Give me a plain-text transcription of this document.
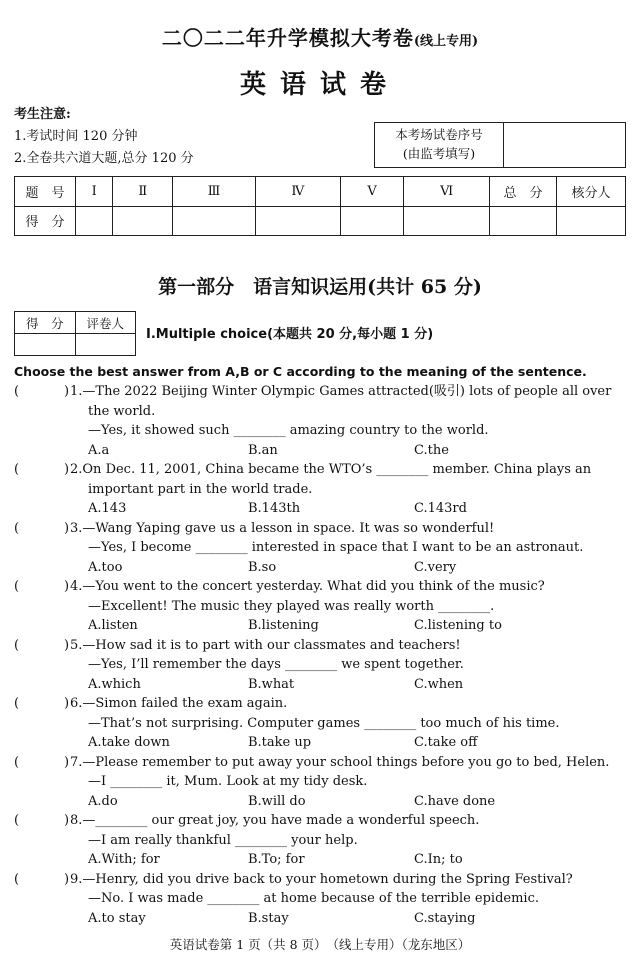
二〇二二年升学模拟大考卷(线上专用)
英语试卷
考生注意:
1.考试时间 120 分钟
2.全卷共六道大题,总分 120 分
本考场试卷序号
(由监考填写)
题　号	Ⅰ	Ⅱ	Ⅲ	Ⅳ	Ⅴ	Ⅵ	总　分	核分人
得　分								
第一部分　语言知识运用(共计 65 分)
得　分	评卷人

Ⅰ.Multiple choice(本题共 20 分,每小题 1 分)
Choose the best answer from A,B or C according to the meaning of the sentence.
( )	1.—The 2022 Beijing Winter Olympic Games attracted(吸引) lots of people all over
the world.
—Yes, it showed such ________ amazing country to the world.
A.a	B.an	C.the
( )	2.On Dec. 11, 2001, China became the WTO’s ________ member. China plays an
important part in the world trade.
A.143	B.143th	C.143rd
( )	3.—Wang Yaping gave us a lesson in space. It was so wonderful!
—Yes, I become ________ interested in space that I want to be an astronaut.
A.too	B.so	C.very
( )	4.—You went to the concert yesterday. What did you think of the music?
—Excellent! The music they played was really worth ________.
A.listen	B.listening	C.listening to
( )	5.—How sad it is to part with our classmates and teachers!
—Yes, I’ll remember the days ________ we spent together.
A.which	B.what	C.when
( )	6.—Simon failed the exam again.
—That’s not surprising. Computer games ________ too much of his time.
A.take down	B.take up	C.take off
( )	7.—Please remember to put away your school things before you go to bed, Helen.
—I ________ it, Mum. Look at my tidy desk.
A.do	B.will do	C.have done
( )	8.—________ our great joy, you have made a wonderful speech.
—I am really thankful ________ your help.
A.With; for	B.To; for	C.In; to
( )	9.—Henry, did you drive back to your hometown during the Spring Festival?
—No. I was made ________ at home because of the terrible epidemic.
A.to stay	B.stay	C.staying
英语试卷第 1 页（共 8 页）　（线上专用）（龙东地区）
